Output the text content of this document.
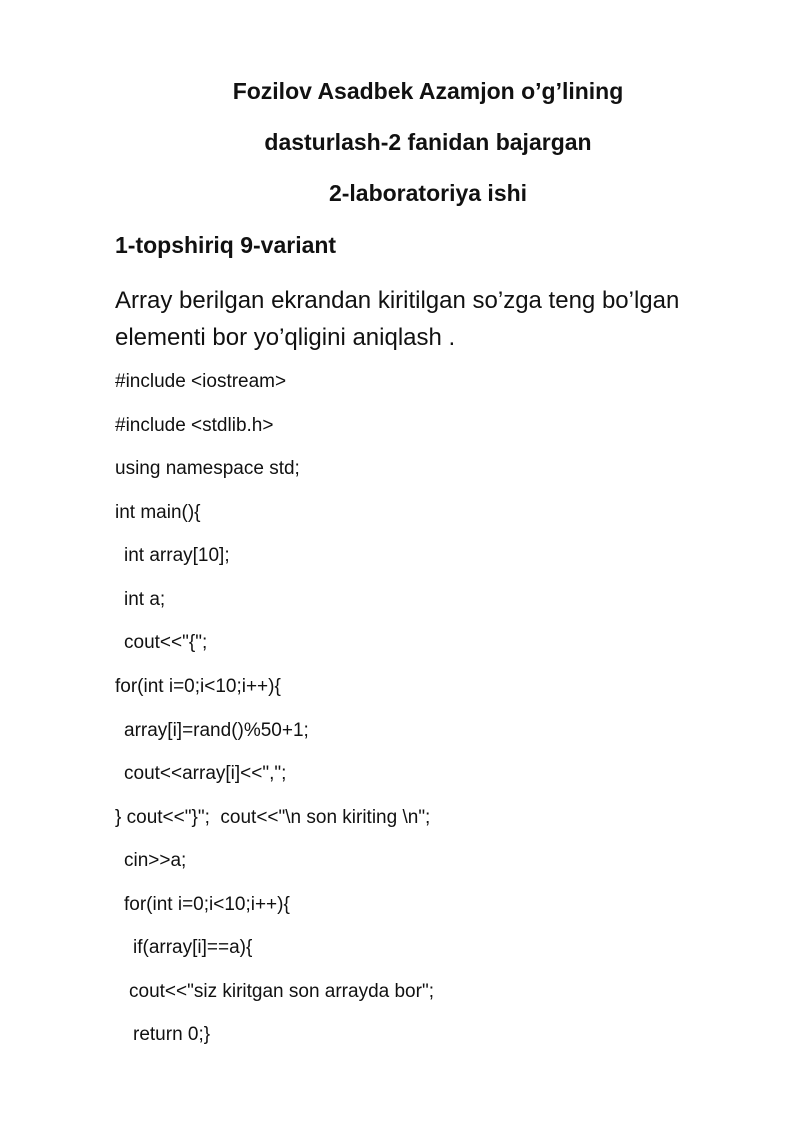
Fozilov Asadbek Azamjon o’g’lining
dasturlash-2 fanidan bajargan
2-laboratoriya ishi
1-topshiriq 9-variant
Array berilgan ekrandan kiritilgan so’zga teng bo’lgan elementi bor yo’qligini aniqlash .
#include <iostream>
#include <stdlib.h>
using namespace std;
int main(){
int array[10];
int a;
cout<<"{";
for(int i=0;i<10;i++){
array[i]=rand()%50+1;
cout<<array[i]<<",";
} cout<<"}";  cout<<"\n son kiriting \n";
cin>>a;
for(int i=0;i<10;i++){
if(array[i]==a){
cout<<"siz kiritgan son arrayda bor";
return 0;}
